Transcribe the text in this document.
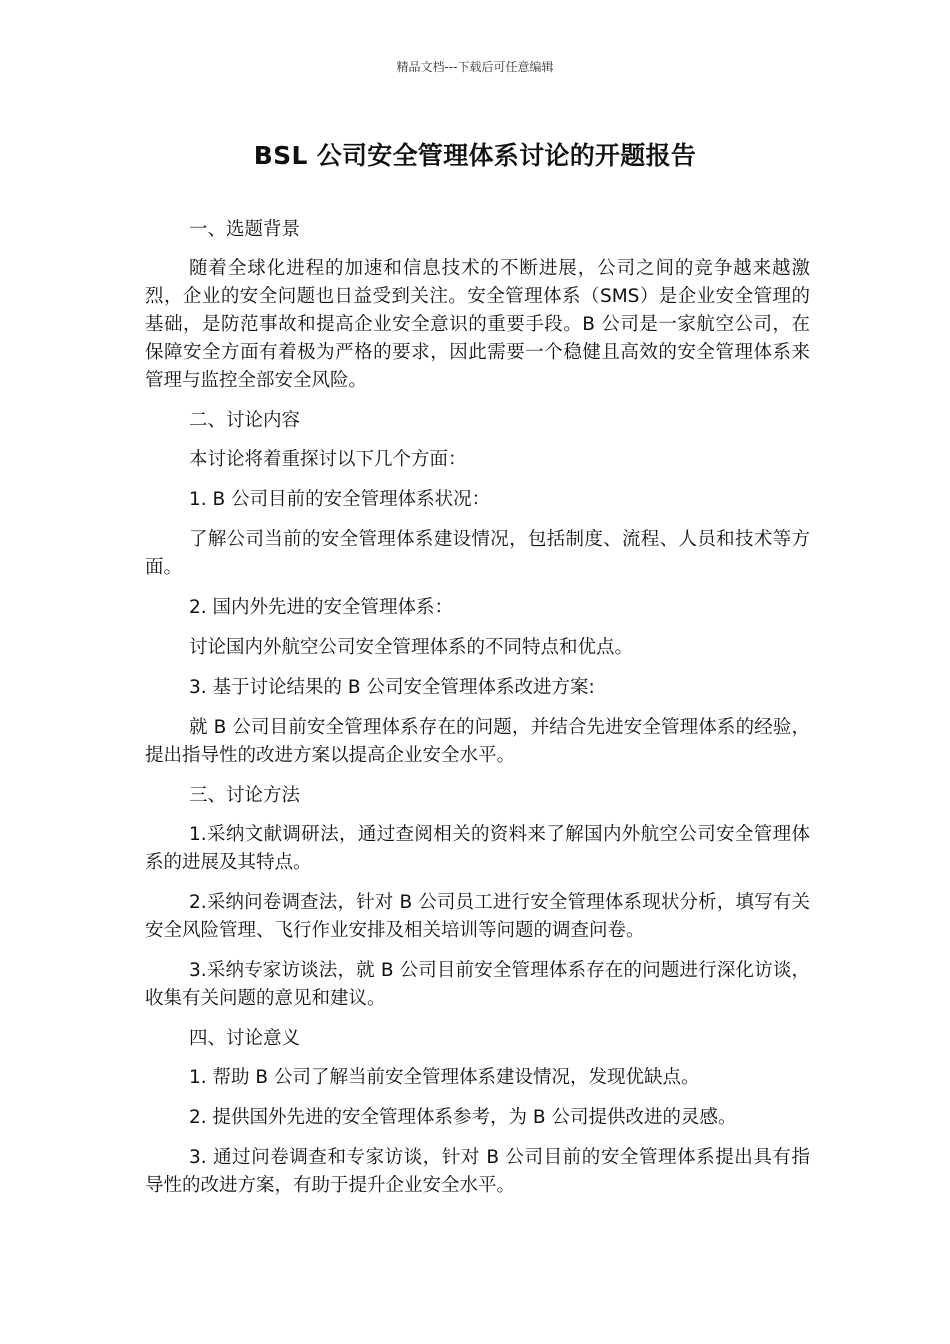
精品文档---下载后可任意编辑
BSL 公司安全管理体系讨论的开题报告

一、选题背景

随着全球化进程的加速和信息技术的不断进展，公司之间的竞争越来越激烈，企业的安全问题也日益受到关注。安全管理体系（SMS）是企业安全管理的基础，是防范事故和提高企业安全意识的重要手段。B 公司是一家航空公司，在保障安全方面有着极为严格的要求，因此需要一个稳健且高效的安全管理体系来管理与监控全部安全风险。

二、讨论内容

本讨论将着重探讨以下几个方面：

1. B 公司目前的安全管理体系状况：

了解公司当前的安全管理体系建设情况，包括制度、流程、人员和技术等方面。

2. 国内外先进的安全管理体系：

讨论国内外航空公司安全管理体系的不同特点和优点。

3. 基于讨论结果的 B 公司安全管理体系改进方案:

就 B 公司目前安全管理体系存在的问题，并结合先进安全管理体系的经验，提出指导性的改进方案以提高企业安全水平。

三、讨论方法

1.采纳文献调研法，通过查阅相关的资料来了解国内外航空公司安全管理体系的进展及其特点。

2.采纳问卷调查法，针对 B 公司员工进行安全管理体系现状分析，填写有关安全风险管理、飞行作业安排及相关培训等问题的调查问卷。

3.采纳专家访谈法，就 B 公司目前安全管理体系存在的问题进行深化访谈，收集有关问题的意见和建议。

四、讨论意义

1. 帮助 B 公司了解当前安全管理体系建设情况，发现优缺点。

2. 提供国外先进的安全管理体系参考，为 B 公司提供改进的灵感。

3. 通过问卷调查和专家访谈，针对 B 公司目前的安全管理体系提出具有指导性的改进方案，有助于提升企业安全水平。
